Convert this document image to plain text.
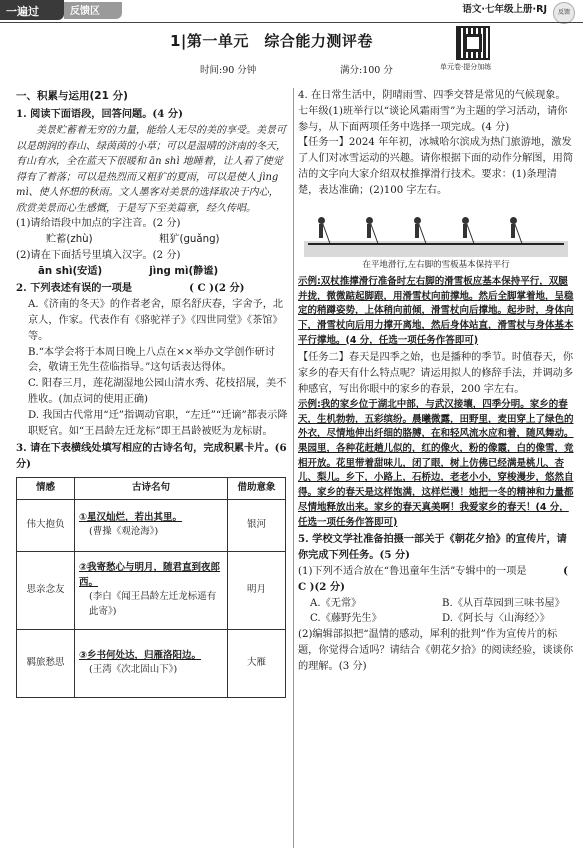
一遍过	反馈区	语文·七年级上册·RJ	反馈
1|第一单元　综合能力测评卷
单元卷·提分加练
时间:90 分钟	满分:100 分

一、积累与运用(21 分)

1. 阅读下面语段，回答问题。(4 分)

美景贮蓄着无穷的力量，能给人无尽的美的享受。美景可以是朗润的春山、绿茵茵的小草；可以是温晴的济南的冬天，有山有水，全在蓝天下很暖和 ān shì 地睡着，让人看了使觉得有了着落；可以是热烈而又粗犷的夏雨，可以是使人 jìng mì、使人怀想的秋雨。文人墨客对美景的选择取决于内心，欣赏美景而心生感慨，于是写下至美篇章，经久传唱。

(1)请给语段中加点的字注音。(2 分)

贮蓄(zhù)	粗犷(guǎng)

(2)请在下面括号里填入汉字。(2 分)

ān shì(安适)	jìng mì(静谧)

2. 下列表述有误的一项是	( C )(2 分)

A.《济南的冬天》的作者老舍，原名舒庆春，字舍予，北京人，作家。代表作有《骆驼祥子》《四世同堂》《茶馆》等。

B.“本学会将于本周日晚上八点在××举办文学创作研讨会，敬请王先生莅临指导。”这句话表达得体。

C. 阳春三月，莲花湖湿地公园山清水秀、花枝招展，美不胜收。(加点词的使用正确)

D. 我国古代常用“迁”指调动官职，“左迁”“迁谪”都表示降职贬官。如“王昌龄左迁龙标”即王昌龄被贬为龙标尉。

3. 请在下表横线处填写相应的古诗名句，完成积累卡片。(6 分)

情感	古诗名句	借助意象
伟大抱负	①星汉灿烂，若出其里。
(曹操《观沧海》)	银河
思亲念友	②我寄愁心与明月，随君直到夜郎西。
(李白《闻王昌龄左迁龙标遥有此寄》)	明月
羁旅愁思	③乡书何处达，归雁洛阳边。
(王湾《次北固山下》)	大雁

4. 在日常生活中，阴晴雨雪、四季交替是常见的气候现象。七年级(1)班举行以“谈论风霜雨雪”为主题的学习活动，请你参与，从下面两项任务中选择一项完成。(4 分)

【任务一】2024 年年初，冰城哈尔滨成为热门旅游地，激发了人们对冰雪运动的兴趣。请你根据下面的动作分解图，用简洁的文字向大家介绍双杖推撑滑行技术。要求：(1)条理清楚，表达准确；(2)100 字左右。

在平地滑行,左右脚的雪板基本保持平行

示例:双杖推撑滑行准备时左右脚的滑雪板应基本保持平行，双腿并拢，微微踮起脚跟，用滑雪杖向前撑地。然后全脚掌着地，呈稳定的稍蹲姿势，上体稍向前倾，滑雪杖向后撑地。起步时，身体向下，滑雪杖向后用力撑开离地，然后身体站直，滑雪杖与身体基本平行撑地。(4 分，任选一项任务作答即可)

【任务二】春天是四季之始，也是播种的季节。时值春天，你家乡的春天有什么特点呢？请运用拟人的修辞手法，并调动多种感官，写出你眼中的家乡的春景，200 字左右。

示例:我的家乡位于湖北中部，与武汉接壤，四季分明。家乡的春天，生机勃勃，五彩缤纷。晨曦微露，田野里，麦田穿上了绿色的外衣，尽情地伸出纤细的胳膊，在和轻风流水应和着，随风舞动。果园里，各种花赶趟儿似的，红的像火，粉的像霞，白的像雪，竞相开放。花里带着甜味儿，闭了眼，树上仿佛已经满是桃儿、杏儿、梨儿。乡下，小路上，石桥边，老老小小，穿梭漫步，悠然自得。家乡的春天是这样饱满，这样烂漫！她把一冬的精神和力量都尽情地释放出来。家乡的春天真美啊！我爱家乡的春天！(4 分，任选一项任务作答即可)

5. 学校文学社准备拍摄一部关于《朝花夕拾》的宣传片，请你完成下列任务。(5 分)

(1)下列不适合放在“鲁迅童年生活”专辑中的一项是	( C )(2 分)

A.《无常》	B.《从百草园到三味书屋》
C.《藤野先生》	D.《阿长与〈山海经〉》

(2)编辑部拟把“温情的感动，犀利的批判”作为宣传片的标题，你觉得合适吗？请结合《朝花夕拾》的阅读经验，谈谈你的理解。(3 分)
